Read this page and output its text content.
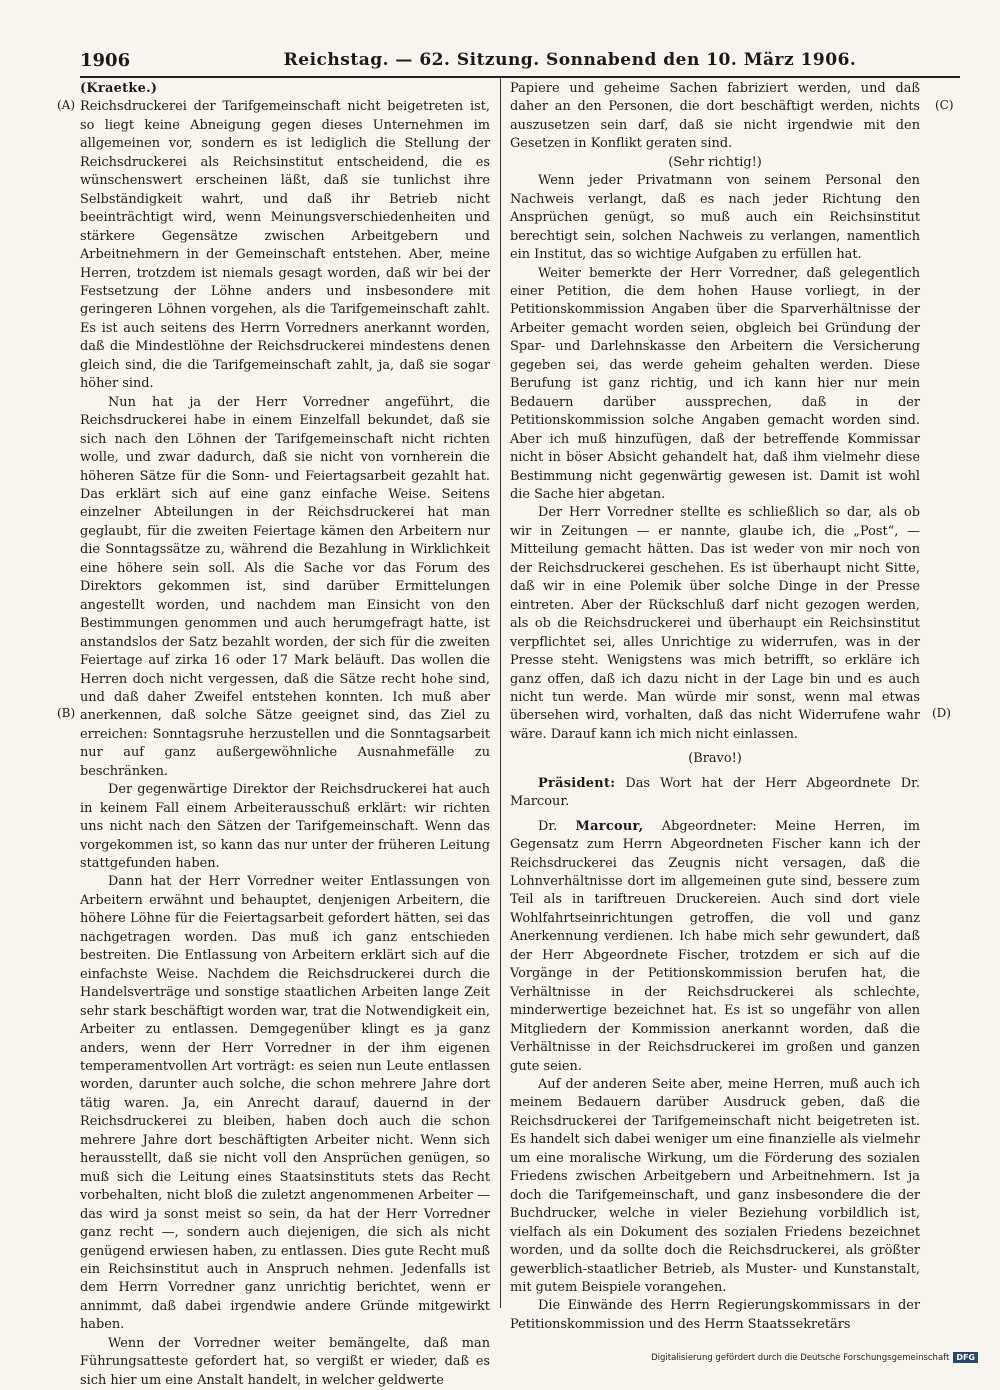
1906	Reichstag. — 62. Sitzung. Sonnabend den 10. März 1906.
(A)
(B)
(C)
(D)

(Kraetke.)

Reichsdruckerei der Tarifgemeinschaft nicht beigetreten ist, so liegt keine Abneigung gegen dieses Unternehmen im allgemeinen vor, sondern es ist lediglich die Stellung der Reichsdruckerei als Reichsinstitut entscheidend, die es wünschenswert erscheinen läßt, daß sie tunlichst ihre Selbständigkeit wahrt, und daß ihr Betrieb nicht beeinträchtigt wird, wenn Meinungsverschiedenheiten und stärkere Gegensätze zwischen Arbeitgebern und Arbeitnehmern in der Gemeinschaft entstehen. Aber, meine Herren, trotzdem ist niemals gesagt worden, daß wir bei der Festsetzung der Löhne anders und insbesondere mit geringeren Löhnen vorgehen, als die Tarifgemeinschaft zahlt. Es ist auch seitens des Herrn Vorredners anerkannt worden, daß die Mindestlöhne der Reichsdruckerei mindestens denen gleich sind, die die Tarifgemeinschaft zahlt, ja, daß sie sogar höher sind.

Nun hat ja der Herr Vorredner angeführt, die Reichsdruckerei habe in einem Einzelfall bekundet, daß sie sich nach den Löhnen der Tarifgemeinschaft nicht richten wolle, und zwar dadurch, daß sie nicht von vornherein die höheren Sätze für die Sonn- und Feiertagsarbeit gezahlt hat. Das erklärt sich auf eine ganz einfache Weise. Seitens einzelner Abteilungen in der Reichsdruckerei hat man geglaubt, für die zweiten Feiertage kämen den Arbeitern nur die Sonntagssätze zu, während die Bezahlung in Wirklichkeit eine höhere sein soll. Als die Sache vor das Forum des Direktors gekommen ist, sind darüber Ermittelungen angestellt worden, und nachdem man Einsicht von den Bestimmungen genommen und auch herumgefragt hatte, ist anstandslos der Satz bezahlt worden, der sich für die zweiten Feiertage auf zirka 16 oder 17 Mark beläuft. Das wollen die Herren doch nicht vergessen, daß die Sätze recht hohe sind, und daß daher Zweifel entstehen konnten. Ich muß aber anerkennen, daß solche Sätze geeignet sind, das Ziel zu erreichen: Sonntagsruhe herzustellen und die Sonntagsarbeit nur auf ganz außergewöhnliche Ausnahmefälle zu beschränken.

Der gegenwärtige Direktor der Reichsdruckerei hat auch in keinem Fall einem Arbeiterausschuß erklärt: wir richten uns nicht nach den Sätzen der Tarifgemeinschaft. Wenn das vorgekommen ist, so kann das nur unter der früheren Leitung stattgefunden haben.

Dann hat der Herr Vorredner weiter Entlassungen von Arbeitern erwähnt und behauptet, denjenigen Arbeitern, die höhere Löhne für die Feiertagsarbeit gefordert hätten, sei das nachgetragen worden. Das muß ich ganz entschieden bestreiten. Die Entlassung von Arbeitern erklärt sich auf die einfachste Weise. Nachdem die Reichsdruckerei durch die Handelsverträge und sonstige staatlichen Arbeiten lange Zeit sehr stark beschäftigt worden war, trat die Notwendigkeit ein, Arbeiter zu entlassen. Demgegenüber klingt es ja ganz anders, wenn der Herr Vorredner in der ihm eigenen temperamentvollen Art vorträgt: es seien nun Leute entlassen worden, darunter auch solche, die schon mehrere Jahre dort tätig waren. Ja, ein Anrecht darauf, dauernd in der Reichsdruckerei zu bleiben, haben doch auch die schon mehrere Jahre dort beschäftigten Arbeiter nicht. Wenn sich herausstellt, daß sie nicht voll den Ansprüchen genügen, so muß sich die Leitung eines Staatsinstituts stets das Recht vorbehalten, nicht bloß die zuletzt angenommenen Arbeiter — das wird ja sonst meist so sein, da hat der Herr Vorredner ganz recht —, sondern auch diejenigen, die sich als nicht genügend erwiesen haben, zu entlassen. Dies gute Recht muß ein Reichsinstitut auch in Anspruch nehmen. Jedenfalls ist dem Herrn Vorredner ganz unrichtig berichtet, wenn er annimmt, daß dabei irgendwie andere Gründe mitgewirkt haben.

Wenn der Vorredner weiter bemängelte, daß man Führungsatteste gefordert hat, so vergißt er wieder, daß es sich hier um eine Anstalt handelt, in welcher geldwerte

Papiere und geheime Sachen fabriziert werden, und daß daher an den Personen, die dort beschäftigt werden, nichts auszusetzen sein darf, daß sie nicht irgendwie mit den Gesetzen in Konflikt geraten sind.

(Sehr richtig!)

Wenn jeder Privatmann von seinem Personal den Nachweis verlangt, daß es nach jeder Richtung den Ansprüchen genügt, so muß auch ein Reichsinstitut berechtigt sein, solchen Nachweis zu verlangen, namentlich ein Institut, das so wichtige Aufgaben zu erfüllen hat.

Weiter bemerkte der Herr Vorredner, daß gelegentlich einer Petition, die dem hohen Hause vorliegt, in der Petitionskommission Angaben über die Sparverhältnisse der Arbeiter gemacht worden seien, obgleich bei Gründung der Spar- und Darlehnskasse den Arbeitern die Versicherung gegeben sei, das werde geheim gehalten werden. Diese Berufung ist ganz richtig, und ich kann hier nur mein Bedauern darüber aussprechen, daß in der Petitionskommission solche Angaben gemacht worden sind. Aber ich muß hinzufügen, daß der betreffende Kommissar nicht in böser Absicht gehandelt hat, daß ihm vielmehr diese Bestimmung nicht gegenwärtig gewesen ist. Damit ist wohl die Sache hier abgetan.

Der Herr Vorredner stellte es schließlich so dar, als ob wir in Zeitungen — er nannte, glaube ich, die „Post“, — Mitteilung gemacht hätten. Das ist weder von mir noch von der Reichsdruckerei geschehen. Es ist überhaupt nicht Sitte, daß wir in eine Polemik über solche Dinge in der Presse eintreten. Aber der Rückschluß darf nicht gezogen werden, als ob die Reichsdruckerei und überhaupt ein Reichsinstitut verpflichtet sei, alles Unrichtige zu widerrufen, was in der Presse steht. Wenigstens was mich betrifft, so erkläre ich ganz offen, daß ich dazu nicht in der Lage bin und es auch nicht tun werde. Man würde mir sonst, wenn mal etwas übersehen wird, vorhalten, daß das nicht Widerrufene wahr wäre. Darauf kann ich mich nicht einlassen.

(Bravo!)

Präsident: Das Wort hat der Herr Abgeordnete Dr. Marcour.

Dr. Marcour, Abgeordneter: Meine Herren, im Gegensatz zum Herrn Abgeordneten Fischer kann ich der Reichsdruckerei das Zeugnis nicht versagen, daß die Lohnverhältnisse dort im allgemeinen gute sind, bessere zum Teil als in tariftreuen Druckereien. Auch sind dort viele Wohlfahrtseinrichtungen getroffen, die voll und ganz Anerkennung verdienen. Ich habe mich sehr gewundert, daß der Herr Abgeordnete Fischer, trotzdem er sich auf die Vorgänge in der Petitionskommission berufen hat, die Verhältnisse in der Reichsdruckerei als schlechte, minderwertige bezeichnet hat. Es ist so ungefähr von allen Mitgliedern der Kommission anerkannt worden, daß die Verhältnisse in der Reichsdruckerei im großen und ganzen gute seien.

Auf der anderen Seite aber, meine Herren, muß auch ich meinem Bedauern darüber Ausdruck geben, daß die Reichsdruckerei der Tarifgemeinschaft nicht beigetreten ist. Es handelt sich dabei weniger um eine finanzielle als vielmehr um eine moralische Wirkung, um die Förderung des sozialen Friedens zwischen Arbeitgebern und Arbeitnehmern. Ist ja doch die Tarifgemeinschaft, und ganz insbesondere die der Buchdrucker, welche in vieler Beziehung vorbildlich ist, vielfach als ein Dokument des sozialen Friedens bezeichnet worden, und da sollte doch die Reichsdruckerei, als größter gewerblich-staatlicher Betrieb, als Muster- und Kunstanstalt, mit gutem Beispiele vorangehen.

Die Einwände des Herrn Regierungskommissars in der Petitionskommission und des Herrn Staatssekretärs

Digitalisierung gefördert durch die Deutsche Forschungsgemeinschaft DFG
